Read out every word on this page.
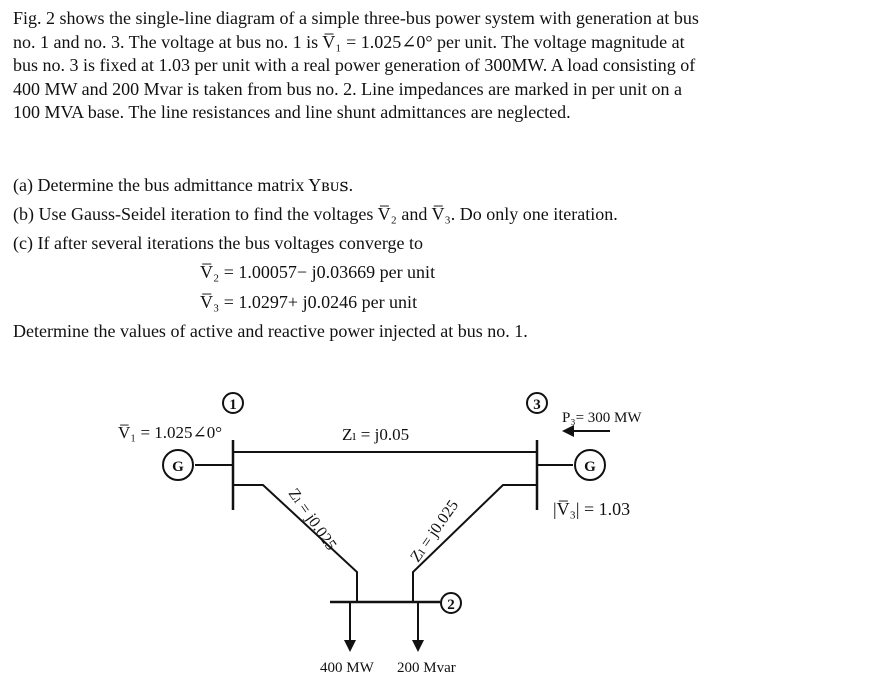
Fig. 2 shows the single-line diagram of a simple three-bus power system with generation at bus
no. 1 and no. 3. The voltage at bus no. 1 is V̅₁ = 1.025∠0° per unit. The voltage magnitude at
bus no. 3 is fixed at 1.03 per unit with a real power generation of 300MW. A load consisting of
400 MW and 200 Mvar is taken from bus no. 2. Line impedances are marked in per unit on a
100 MVA base. The line resistances and line shunt admittances are neglected.
(a) Determine the bus admittance matrix Yʙᴜꜱ.
(b) Use Gauss-Seidel iteration to find the voltages V̅₂ and V̅₃. Do only one iteration.
(c) If after several iterations the bus voltages converge to
V̅₂ = 1.00057− j0.03669 per unit
V̅₃ = 1.0297+ j0.0246 per unit
Determine the values of active and reactive power injected at bus no. 1.
G	G
1	3
2
V̅₁ = 1.025∠0°	Zₗ = j0.05
Zₗ = j0.025	Zₗ = j0.025
P₃= 300 MW
|V̅₃| = 1.03
400 MW 200 Mvar
